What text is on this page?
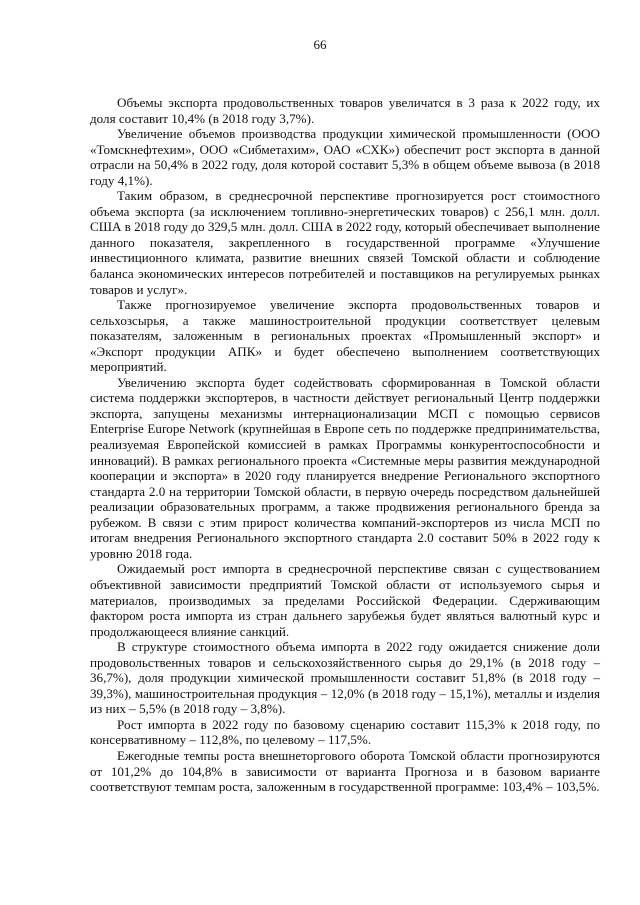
66

Объемы экспорта продовольственных товаров увеличатся в 3 раза к 2022 году, их доля составит 10,4% (в 2018 году 3,7%).

Увеличение объемов производства продукции химической промышленности (ООО «Томскнефтехим», ООО «Сибметахим», ОАО «СХК») обеспечит рост экспорта в данной отрасли на 50,4% в 2022 году, доля которой составит 5,3% в общем объеме вывоза (в 2018 году 4,1%).

Таким образом, в среднесрочной перспективе прогнозируется рост стоимостного объема экспорта (за исключением топливно-энергетических товаров) с 256,1 млн. долл. США в 2018 году до 329,5 млн. долл. США в 2022 году, который обеспечивает выполнение данного показателя, закрепленного в государственной программе «Улучшение инвестиционного климата, развитие внешних связей Томской области и соблюдение баланса экономических интересов потребителей и поставщиков на регулируемых рынках товаров и услуг».

Также прогнозируемое увеличение экспорта продовольственных товаров и сельхозсырья, а также машиностроительной продукции соответствует целевым показателям, заложенным в региональных проектах «Промышленный экспорт» и «Экспорт продукции АПК» и будет обеспечено выполнением соответствующих мероприятий.

Увеличению экспорта будет содействовать сформированная в Томской области система поддержки экспортеров, в частности действует региональный Центр поддержки экспорта, запущены механизмы интернационализации МСП с помощью сервисов Enterprise Europe Network (крупнейшая в Европе сеть по поддержке предпринимательства, реализуемая Европейской комиссией в рамках Программы конкурентоспособности и инноваций). В рамках регионального проекта «Системные меры развития международной кооперации и экспорта» в 2020 году планируется внедрение Регионального экспортного стандарта 2.0 на территории Томской области, в первую очередь посредством дальнейшей реализации образовательных программ, а также продвижения регионального бренда за рубежом. В связи с этим прирост количества компаний-экспортеров из числа МСП по итогам внедрения Регионального экспортного стандарта 2.0 составит 50% в 2022 году к уровню 2018 года.

Ожидаемый рост импорта в среднесрочной перспективе связан с существованием объективной зависимости предприятий Томской области от используемого сырья и материалов, производимых за пределами Российской Федерации. Сдерживающим фактором роста импорта из стран дальнего зарубежья будет являться валютный курс и продолжающееся влияние санкций.

В структуре стоимостного объема импорта в 2022 году ожидается снижение доли продовольственных товаров и сельскохозяйственного сырья до 29,1% (в 2018 году – 36,7%), доля продукции химической промышленности составит 51,8% (в 2018 году – 39,3%), машиностроительная продукция – 12,0% (в 2018 году – 15,1%), металлы и изделия из них – 5,5% (в 2018 году – 3,8%).

Рост импорта в 2022 году по базовому сценарию составит 115,3% к 2018 году, по консервативному – 112,8%, по целевому – 117,5%.

Ежегодные темпы роста внешнеторгового оборота Томской области прогнозируются от 101,2% до 104,8% в зависимости от варианта Прогноза и в базовом варианте соответствуют темпам роста, заложенным в государственной программе: 103,4% – 103,5%.
